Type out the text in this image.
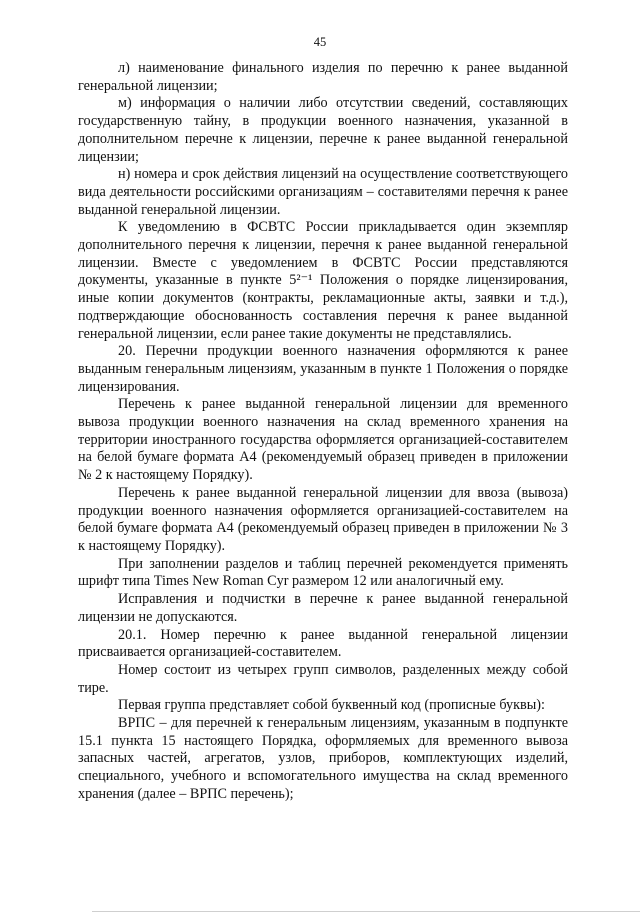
45

л) наименование финального изделия по перечню к ранее выданной генеральной лицензии;

м) информация о наличии либо отсутствии сведений, составляющих государственную тайну, в продукции военного назначения, указанной в дополнительном перечне к лицензии, перечне к ранее выданной генеральной лицензии;

н) номера и срок действия лицензий на осуществление соответствующего вида деятельности российскими организациям – составителями перечня к ранее выданной генеральной лицензии.

К уведомлению в ФСВТС России прикладывается один экземпляр дополнительного перечня к лицензии, перечня к ранее выданной генеральной лицензии. Вместе с уведомлением в ФСВТС России представляются документы, указанные в пункте 5²⁻¹ Положения о порядке лицензирования, иные копии документов (контракты, рекламационные акты, заявки и т.д.), подтверждающие обоснованность составления перечня к ранее выданной генеральной лицензии, если ранее такие документы не представлялись.

20. Перечни продукции военного назначения оформляются к ранее выданным генеральным лицензиям, указанным в пункте 1 Положения о порядке лицензирования.

Перечень к ранее выданной генеральной лицензии для временного вывоза продукции военного назначения на склад временного хранения на территории иностранного государства оформляется организацией-составителем на белой бумаге формата А4 (рекомендуемый образец приведен в приложении № 2 к настоящему Порядку).

Перечень к ранее выданной генеральной лицензии для ввоза (вывоза) продукции военного назначения оформляется организацией-составителем на белой бумаге формата А4 (рекомендуемый образец приведен в приложении № 3 к настоящему Порядку).

При заполнении разделов и таблиц перечней рекомендуется применять шрифт типа Times New Roman Cyr размером 12 или аналогичный ему.

Исправления и подчистки в перечне к ранее выданной генеральной лицензии не допускаются.

20.1. Номер перечню к ранее выданной генеральной лицензии присваивается организацией-составителем.

Номер состоит из четырех групп символов, разделенных между собой тире.

Первая группа представляет собой буквенный код (прописные буквы):

ВРПС – для перечней к генеральным лицензиям, указанным в подпункте 15.1 пункта 15 настоящего Порядка, оформляемых для временного вывоза запасных частей, агрегатов, узлов, приборов, комплектующих изделий, специального, учебного и вспомогательного имущества на склад временного хранения (далее – ВРПС перечень);
